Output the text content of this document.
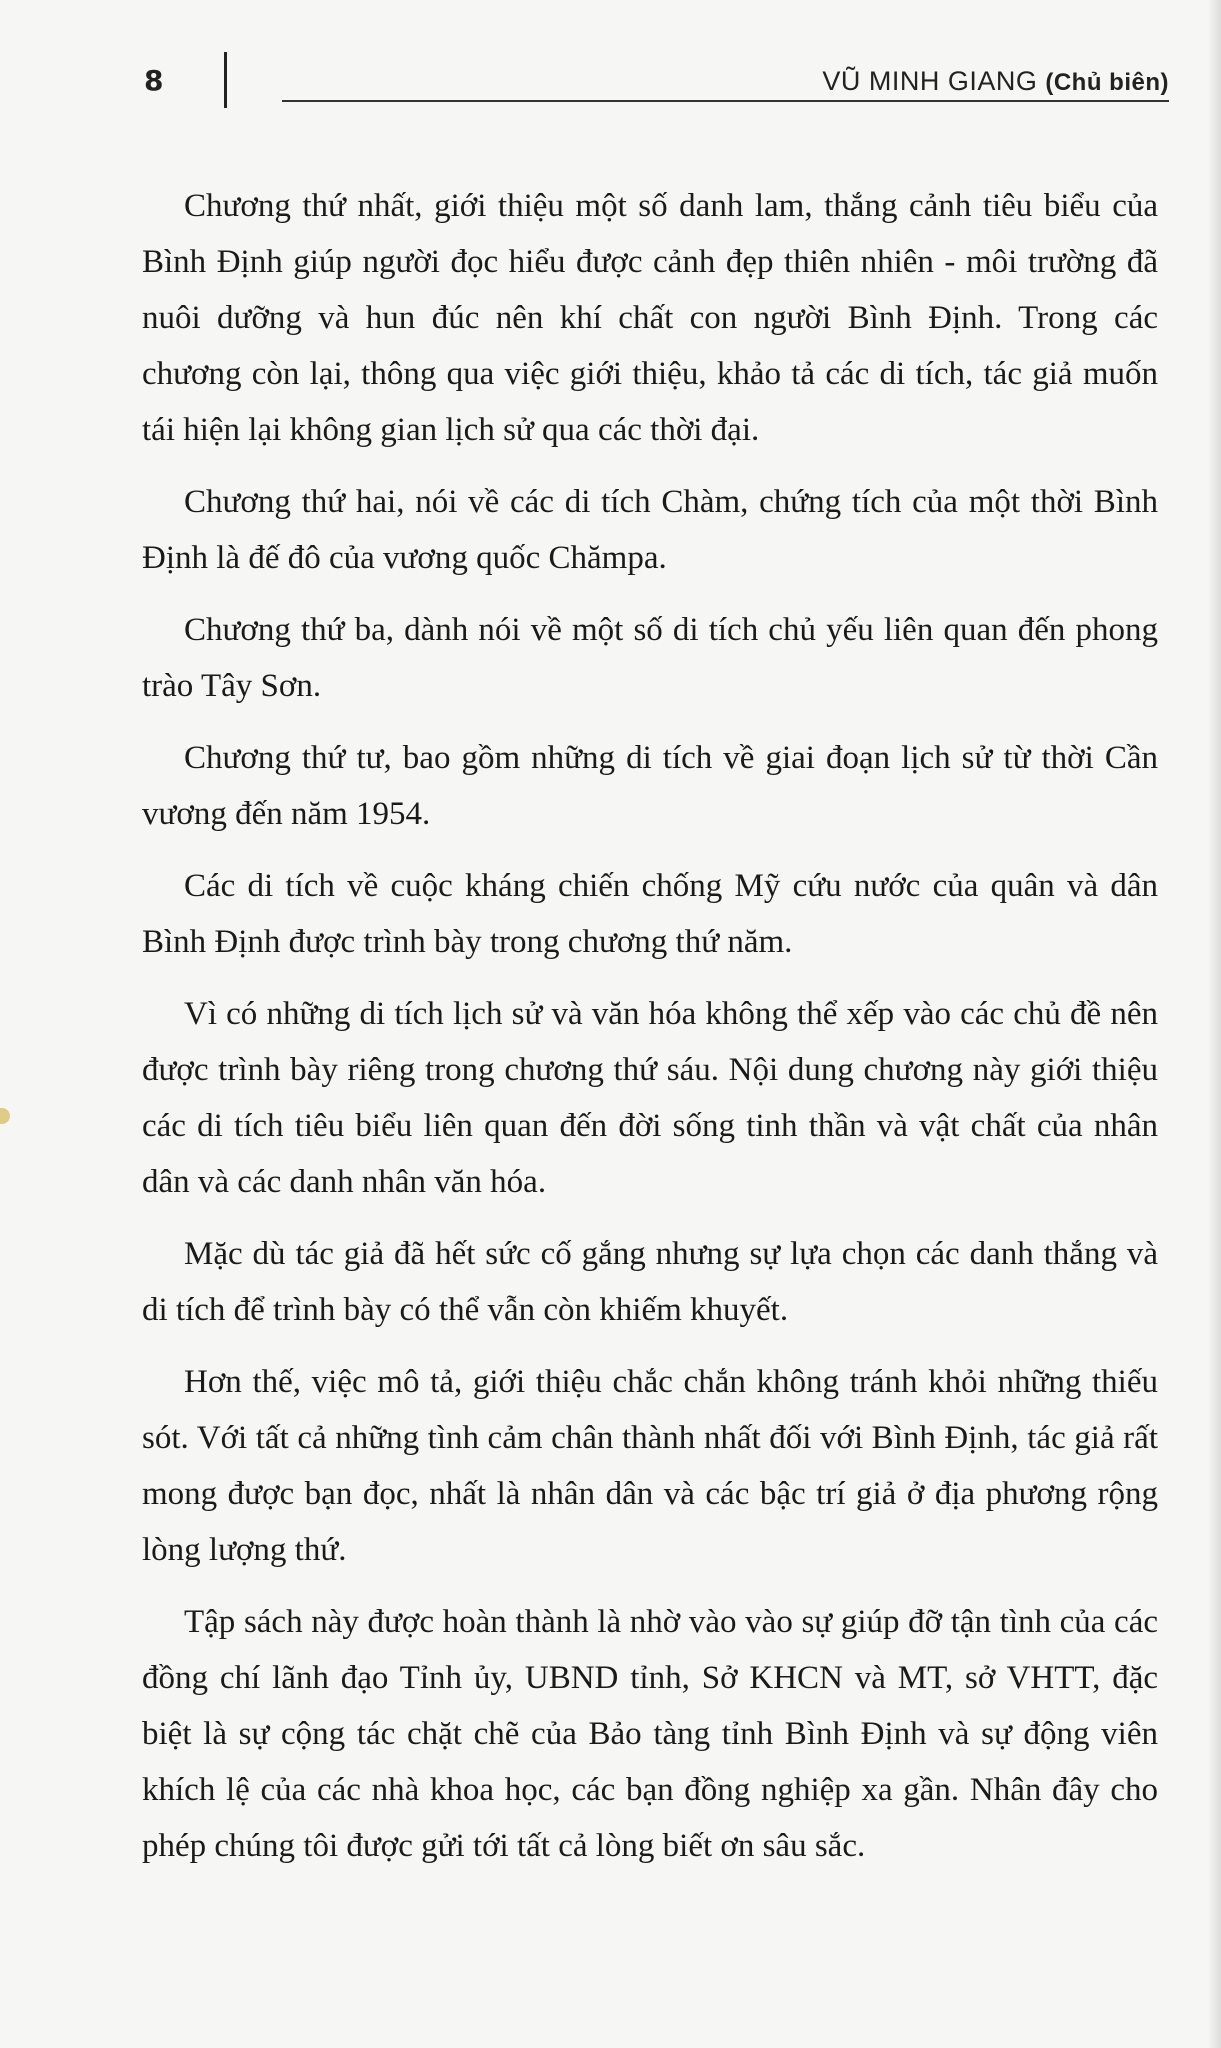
8	VŨ MINH GIANG (Chủ biên)

Chương thứ nhất, giới thiệu một số danh lam, thắng cảnh tiêu biểu của Bình Định giúp người đọc hiểu được cảnh đẹp thiên nhiên - môi trường đã nuôi dưỡng và hun đúc nên khí chất con người Bình Định. Trong các chương còn lại, thông qua việc giới thiệu, khảo tả các di tích, tác giả muốn tái hiện lại không gian lịch sử qua các thời đại.

Chương thứ hai, nói về các di tích Chàm, chứng tích của một thời Bình Định là đế đô của vương quốc Chămpa.

Chương thứ ba, dành nói về một số di tích chủ yếu liên quan đến phong trào Tây Sơn.

Chương thứ tư, bao gồm những di tích về giai đoạn lịch sử từ thời Cần vương đến năm 1954.

Các di tích về cuộc kháng chiến chống Mỹ cứu nước của quân và dân Bình Định được trình bày trong chương thứ năm.

Vì có những di tích lịch sử và văn hóa không thể xếp vào các chủ đề nên được trình bày riêng trong chương thứ sáu. Nội dung chương này giới thiệu các di tích tiêu biểu liên quan đến đời sống tinh thần và vật chất của nhân dân và các danh nhân văn hóa.

Mặc dù tác giả đã hết sức cố gắng nhưng sự lựa chọn các danh thắng và di tích để trình bày có thể vẫn còn khiếm khuyết.

Hơn thế, việc mô tả, giới thiệu chắc chắn không tránh khỏi những thiếu sót. Với tất cả những tình cảm chân thành nhất đối với Bình Định, tác giả rất mong được bạn đọc, nhất là nhân dân và các bậc trí giả ở địa phương rộng lòng lượng thứ.

Tập sách này được hoàn thành là nhờ vào vào sự giúp đỡ tận tình của các đồng chí lãnh đạo Tỉnh ủy, UBND tỉnh, Sở KHCN và MT, sở VHTT, đặc biệt là sự cộng tác chặt chẽ của Bảo tàng tỉnh Bình Định và sự động viên khích lệ của các nhà khoa học, các bạn đồng nghiệp xa gần. Nhân đây cho phép chúng tôi được gửi tới tất cả lòng biết ơn sâu sắc.
